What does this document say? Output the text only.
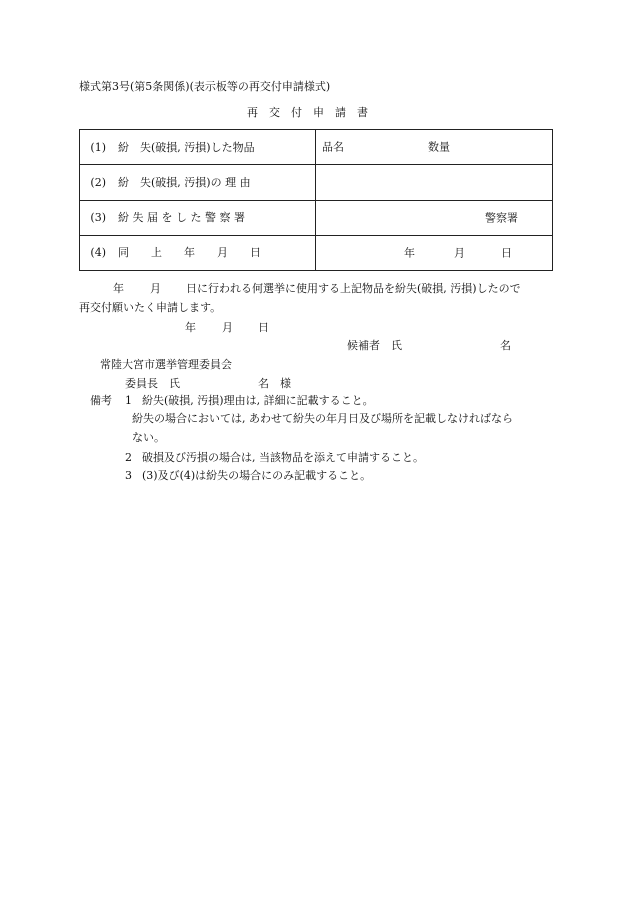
様式第3号(第5条関係)(表示板等の再交付申請様式)
再　交　付　申　請　書
(1) 紛　失(破損, 汚損)した物品	品名 数量

(2) 紛　失(破損, 汚損)の 理 由	
(3) 紛 失 届 を し た 警 察 署	警察署

(4) 同　　上　　年　　月　　日	年 月 日
年 月 日に行われる何選挙に使用する上記物品を紛失(破損, 汚損)したので
再交付願いたく申請します。
年 月 日
候補者　氏	名
常陸大宮市選挙管理委員会
委員長　氏	名　様
備考 1 紛失(破損, 汚損)理由は, 詳細に記載すること。
紛失の場合においては, あわせて紛失の年月日及び場所を記載しなければなら
ない。
2 破損及び汚損の場合は, 当該物品を添えて申請すること。
3 (3)及び(4)は紛失の場合にのみ記載すること。
